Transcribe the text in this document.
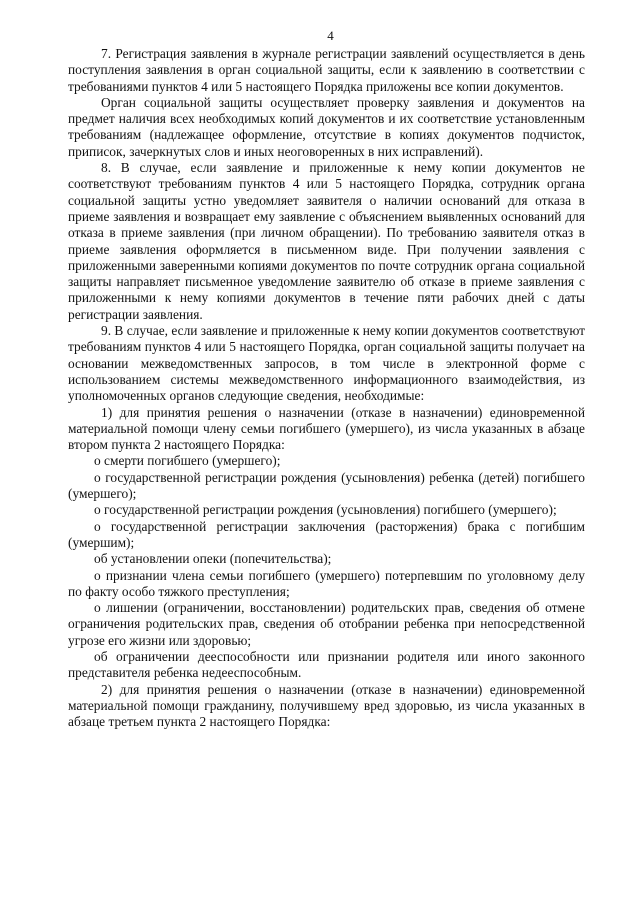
4

7. Регистрация заявления в журнале регистрации заявлений осуществляется в день поступления заявления в орган социальной защиты, если к заявлению в соответствии с требованиями пунктов 4 или 5 настоящего Порядка приложены все копии документов.

Орган социальной защиты осуществляет проверку заявления и документов на предмет наличия всех необходимых копий документов и их соответствие установленным требованиям (надлежащее оформление, отсутствие в копиях документов подчисток, приписок, зачеркнутых слов и иных неоговоренных в них исправлений).

8. В случае, если заявление и приложенные к нему копии документов не соответствуют требованиям пунктов 4 или 5 настоящего Порядка, сотрудник органа социальной защиты устно уведомляет заявителя о наличии оснований для отказа в приеме заявления и возвращает ему заявление с объяснением выявленных оснований для отказа в приеме заявления (при личном обращении). По требованию заявителя отказ в приеме заявления оформляется в письменном виде. При получении заявления с приложенными заверенными копиями документов по почте сотрудник органа социальной защиты направляет письменное уведомление заявителю об отказе в приеме заявления с приложенными к нему копиями документов в течение пяти рабочих дней с даты регистрации заявления.

9. В случае, если заявление и приложенные к нему копии документов соответствуют требованиям пунктов 4 или 5 настоящего Порядка, орган социальной защиты получает на основании межведомственных запросов, в том числе в электронной форме с использованием системы межведомственного информационного взаимодействия, из уполномоченных органов следующие сведения, необходимые:

1) для принятия решения о назначении (отказе в назначении) единовременной материальной помощи члену семьи погибшего (умершего), из числа указанных в абзаце втором пункта 2 настоящего Порядка:

о смерти погибшего (умершего);

о государственной регистрации рождения (усыновления) ребенка (детей) погибшего (умершего);

о государственной регистрации рождения (усыновления) погибшего (умершего);

о государственной регистрации заключения (расторжения) брака с погибшим (умершим);

об установлении опеки (попечительства);

о признании члена семьи погибшего (умершего) потерпевшим по уголовному делу по факту особо тяжкого преступления;

о лишении (ограничении, восстановлении) родительских прав, сведения об отмене ограничения родительских прав, сведения об отобрании ребенка при непосредственной угрозе его жизни или здоровью;

об ограничении дееспособности или признании родителя или иного законного представителя ребенка недееспособным.

2) для принятия решения о назначении (отказе в назначении) единовременной материальной помощи гражданину, получившему вред здоровью, из числа указанных в абзаце третьем пункта 2 настоящего Порядка:
